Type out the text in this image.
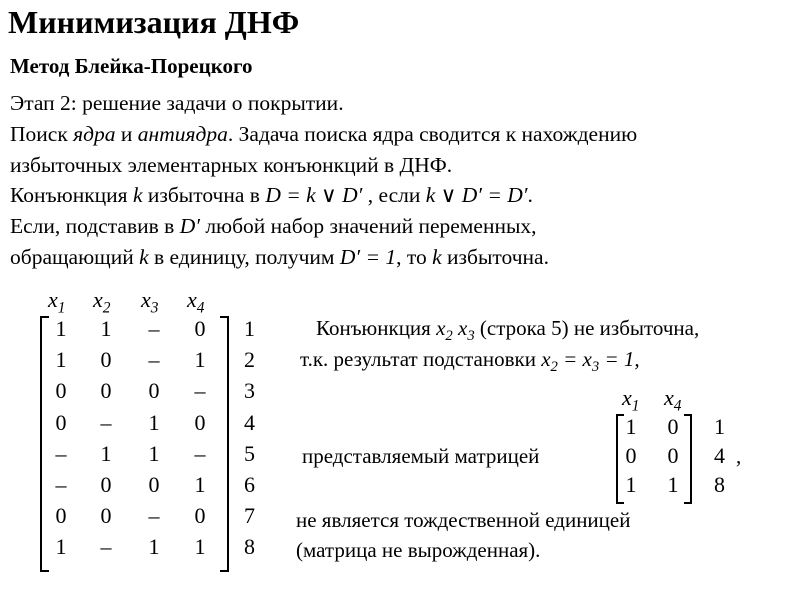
Минимизация ДНФ
Метод Блейка-Порецкого
Этап 2: решение задачи о покрытии.
Поиск ядра и антиядра. Задача поиска ядра сводится к нахождению
избыточных элементарных конъюнкций в ДНФ.
Конъюнкция k избыточна в D = k ∨ D′ , если k ∨ D′ = D′.
Если, подставив в D′ любой набор значений переменных,
обращающий k в единицу, получим D′ = 1, то k избыточна.
$x_1$ $x_2$ $x_3$ $x_4$
1	1	–	0	1
1	0	–	1	2
0	0	0	–	3
0	–	1	0	4
–	1	1	–	5
–	0	0	1	6
0	0	–	0	7
1	–	1	1	8
Конъюнкция $x_2$ $x_3$ (строка 5) не избыточна,
т.к. результат подстановки $x_2 = x_3 = 1$,
представляемый матрицей	,
не является тождественной единицей
(матрица не вырожденная).
$x_1$ $x_4$
1 0 1
0 0 4
1 1 8
